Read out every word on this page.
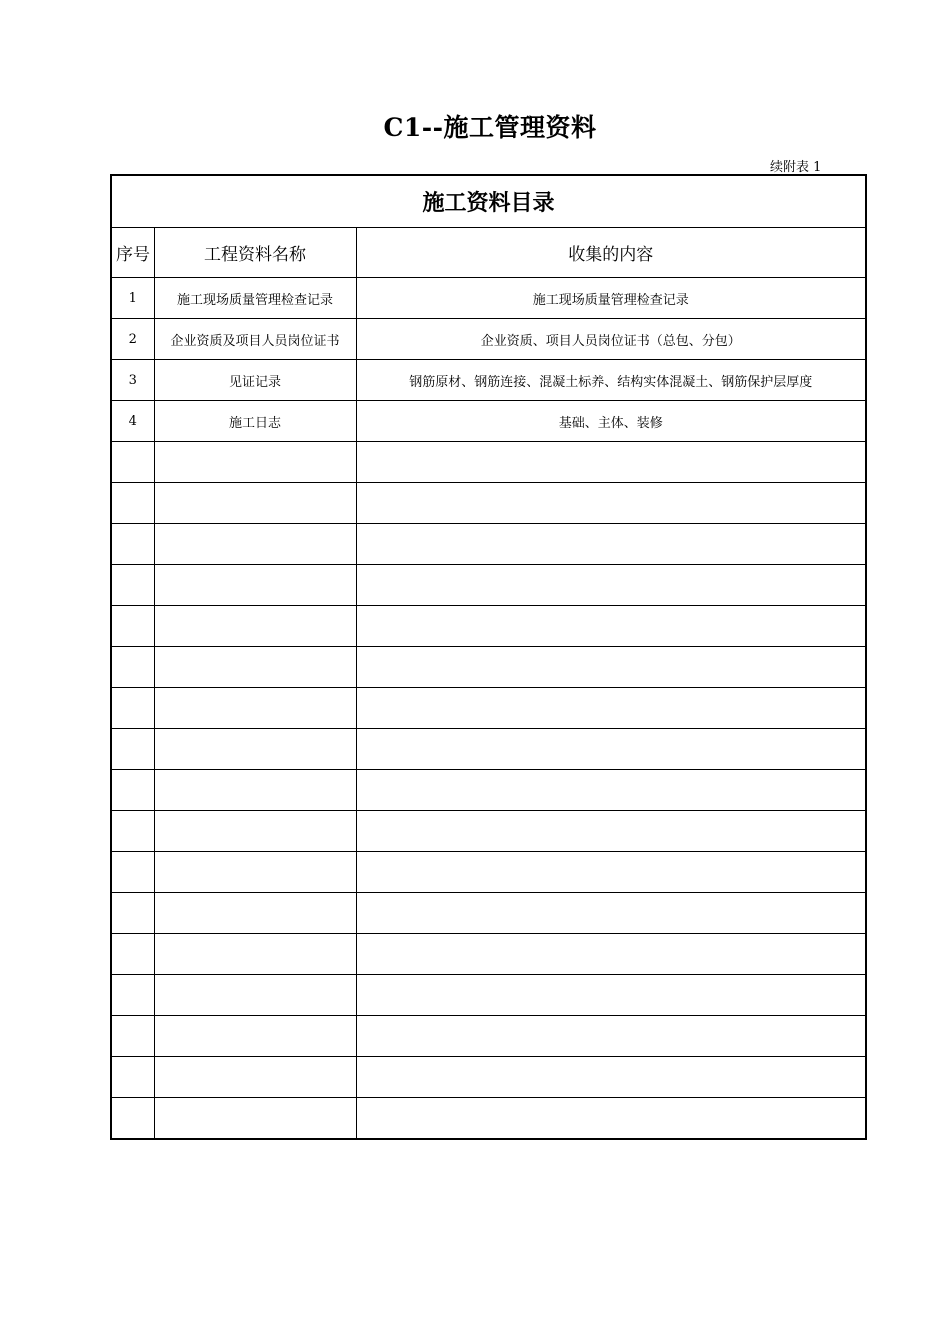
C1--施工管理资料
续附表 1
施工资料目录		
序号	工程资料名称	收集的内容
1	施工现场质量管理检查记录	施工现场质量管理检查记录
2	企业资质及项目人员岗位证书	企业资质、项目人员岗位证书（总包、分包）
3	见证记录	钢筋原材、钢筋连接、混凝土标养、结构实体混凝土、钢筋保护层厚度
4	施工日志	基础、主体、装修
